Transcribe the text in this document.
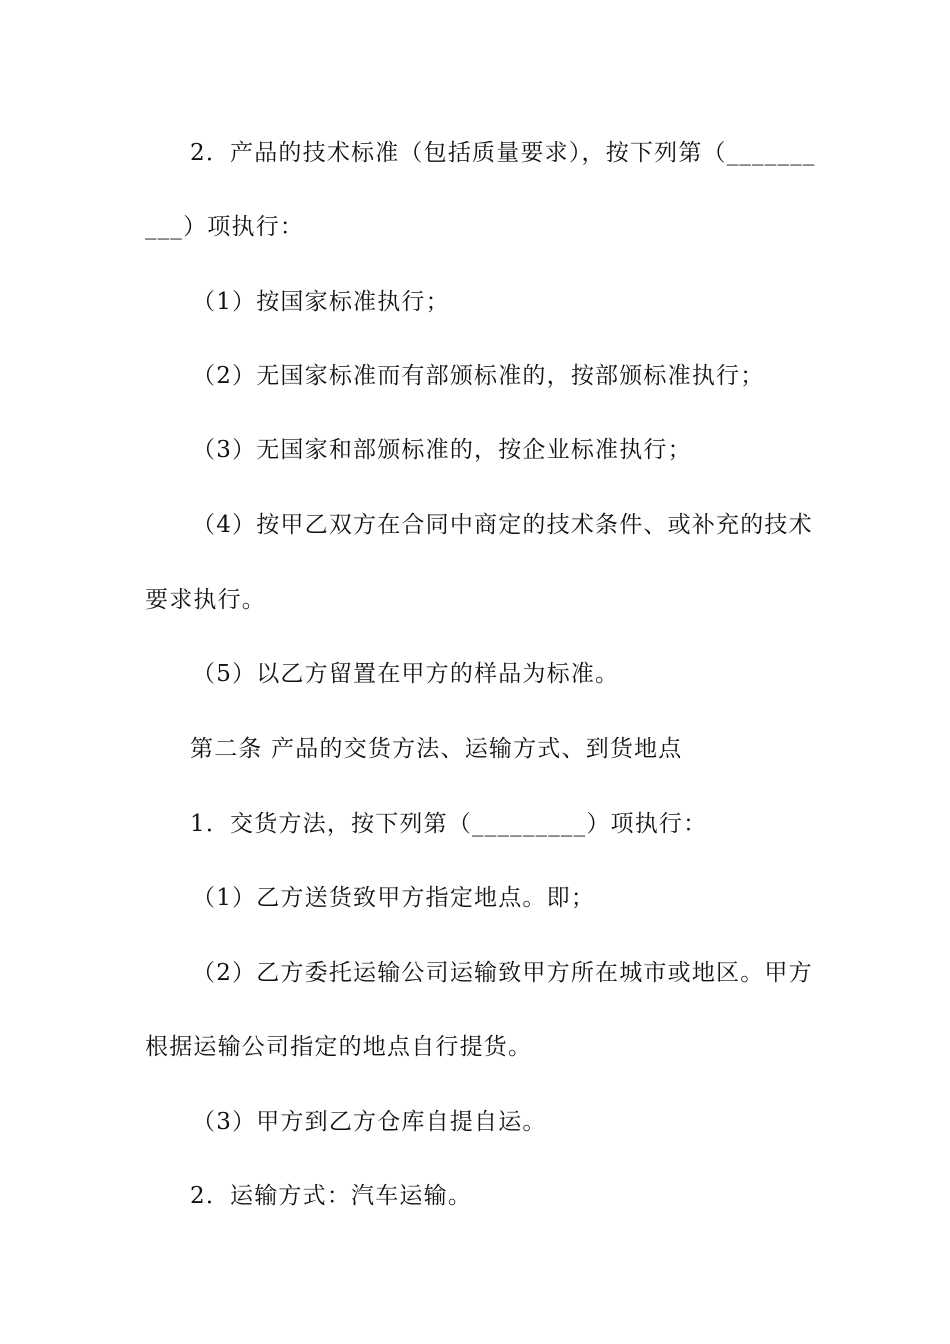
2．产品的技术标准（包括质量要求），按下列第（_______
___）项执行：
（1）按国家标准执行；
（2）无国家标准而有部颁标准的，按部颁标准执行；
（3）无国家和部颁标准的，按企业标准执行；
（4）按甲乙双方在合同中商定的技术条件、或补充的技术
要求执行。
（5）以乙方留置在甲方的样品为标准。
第二条 产品的交货方法、运输方式、到货地点
1．交货方法，按下列第（_________）项执行：
（1）乙方送货致甲方指定地点。即；
（2）乙方委托运输公司运输致甲方所在城市或地区。甲方
根据运输公司指定的地点自行提货。
（3）甲方到乙方仓库自提自运。
2．运输方式：汽车运输。
